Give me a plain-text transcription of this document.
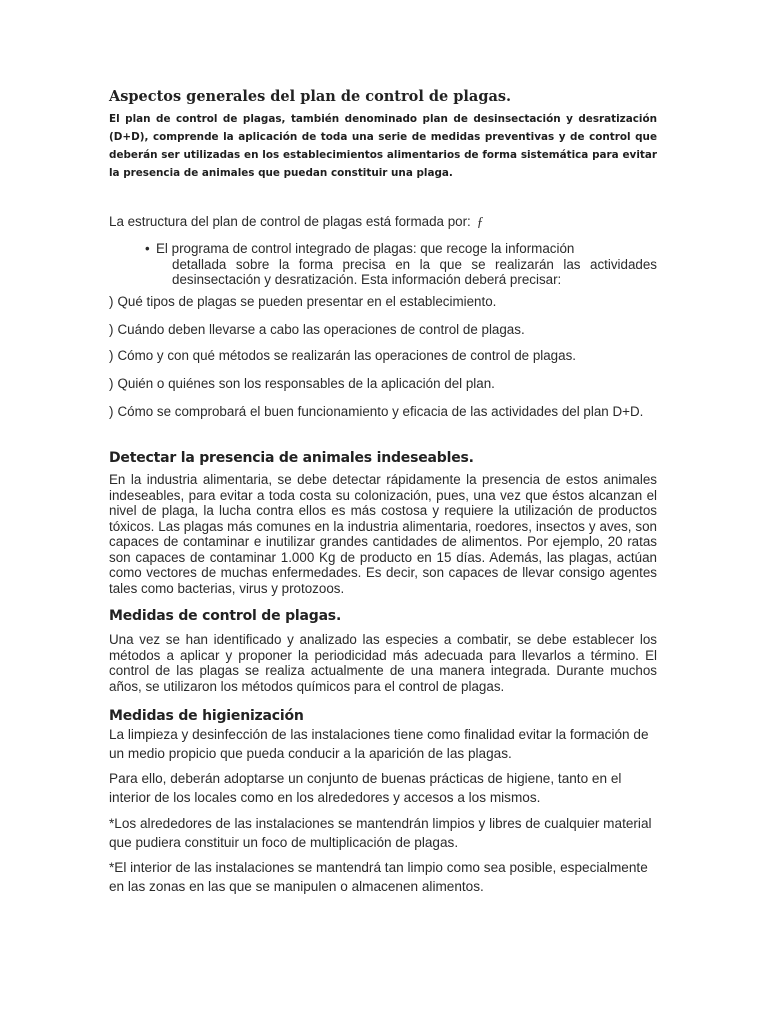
Aspectos generales del plan de control de plagas.

El plan de control de plagas, también denominado plan de desinsectación y desratización (D+D), comprende la aplicación de toda una serie de medidas preventivas y de control que deberán ser utilizadas en los establecimientos alimentarios de forma sistemática para evitar la presencia de animales que puedan constituir una plaga.

La estructura del plan de control de plagas está formada por: ƒ

• El programa de control integrado de plagas: que recoge la información
detallada sobre la forma precisa en la que se realizarán las actividades desinsectación y desratización. Esta información deberá precisar:

) Qué tipos de plagas se pueden presentar en el establecimiento.

) Cuándo deben llevarse a cabo las operaciones de control de plagas.

) Cómo y con qué métodos se realizarán las operaciones de control de plagas.

) Quién o quiénes son los responsables de la aplicación del plan.

) Cómo se comprobará el buen funcionamiento y eficacia de las actividades del plan D+D.

Detectar la presencia de animales indeseables.

En la industria alimentaria, se debe detectar rápidamente la presencia de estos animales indeseables, para evitar a toda costa su colonización, pues, una vez que éstos alcanzan el nivel de plaga, la lucha contra ellos es más costosa y requiere la utilización de productos tóxicos. Las plagas más comunes en la industria alimentaria, roedores, insectos y aves, son capaces de contaminar e inutilizar grandes cantidades de alimentos. Por ejemplo, 20 ratas son capaces de contaminar 1.000 Kg de producto en 15 días. Además, las plagas, actúan como vectores de muchas enfermedades. Es decir, son capaces de llevar consigo agentes tales como bacterias, virus y protozoos.

Medidas de control de plagas.

Una vez se han identificado y analizado las especies a combatir, se debe establecer los métodos a aplicar y proponer la periodicidad más adecuada para llevarlos a término. El control de las plagas se realiza actualmente de una manera integrada. Durante muchos años, se utilizaron los métodos químicos para el control de plagas.

Medidas de higienización

La limpieza y desinfección de las instalaciones tiene como finalidad evitar la formación de un medio propicio que pueda conducir a la aparición de las plagas.

Para ello, deberán adoptarse un conjunto de buenas prácticas de higiene, tanto en el interior de los locales como en los alrededores y accesos a los mismos.

*Los alrededores de las instalaciones se mantendrán limpios y libres de cualquier material que pudiera constituir un foco de multiplicación de plagas.

*El interior de las instalaciones se mantendrá tan limpio como sea posible, especialmente en las zonas en las que se manipulen o almacenen alimentos.
